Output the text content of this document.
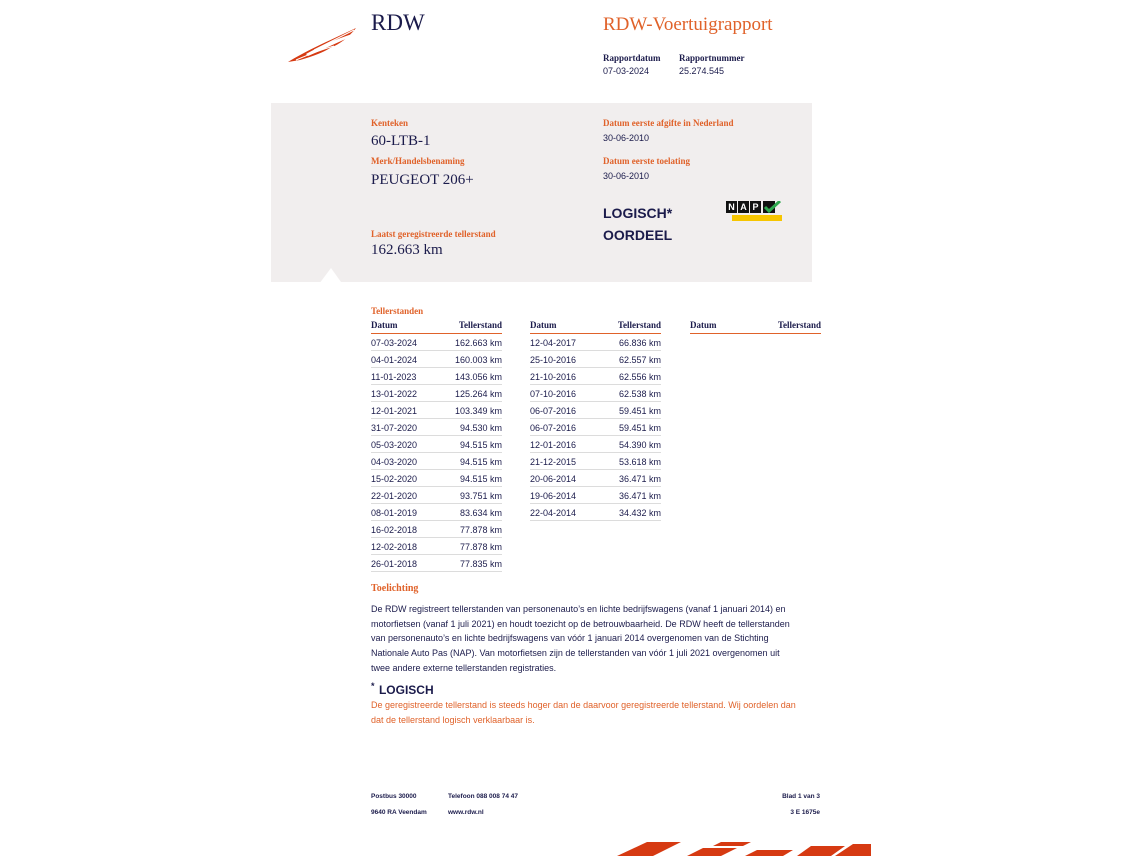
RDW	RDW-Voertuigrapport
Rapportdatum
07-03-2024
Rapportnummer
25.274.545
Kenteken
60-LTB-1
Merk/Handelsbenaming
PEUGEOT 206+
Datum eerste afgifte in Nederland
30-06-2010
Datum eerste toelating
30-06-2010
LOGISCH*
OORDEEL
N A P
Laatst geregistreerde tellerstand
162.663 km
Tellerstanden
Datum	Tellerstand
07-03-2024	162.663 km
04-01-2024	160.003 km
11-01-2023	143.056 km
13-01-2022	125.264 km
12-01-2021	103.349 km
31-07-2020	94.530 km
05-03-2020	94.515 km
04-03-2020	94.515 km
15-02-2020	94.515 km
22-01-2020	93.751 km
08-01-2019	83.634 km
16-02-2018	77.878 km
12-02-2018	77.878 km
26-01-2018	77.835 km
Datum	Tellerstand
12-04-2017	66.836 km
25-10-2016	62.557 km
21-10-2016	62.556 km
07-10-2016	62.538 km
06-07-2016	59.451 km
06-07-2016	59.451 km
12-01-2016	54.390 km
21-12-2015	53.618 km
20-06-2014	36.471 km
19-06-2014	36.471 km
22-04-2014	34.432 km
Datum	Tellerstand
Toelichting
De RDW registreert tellerstanden van personenauto’s en lichte bedrijfswagens (vanaf 1 januari 2014) en
motorfietsen (vanaf 1 juli 2021) en houdt toezicht op de betrouwbaarheid. De RDW heeft de tellerstanden
van personenauto’s en lichte bedrijfswagens van vóór 1 januari 2014 overgenomen van de Stichting
Nationale Auto Pas (NAP). Van motorfietsen zijn de tellerstanden van vóór 1 juli 2021 overgenomen uit
twee andere externe tellerstanden registraties.
* LOGISCH
De geregistreerde tellerstand is steeds hoger dan de daarvoor geregistreerde tellerstand. Wij oordelen dan
dat de tellerstand logisch verklaarbaar is.
Postbus 30000
9640 RA Veendam
Telefoon 088 008 74 47
www.rdw.nl
Blad 1 van 3
3 E 1675e
